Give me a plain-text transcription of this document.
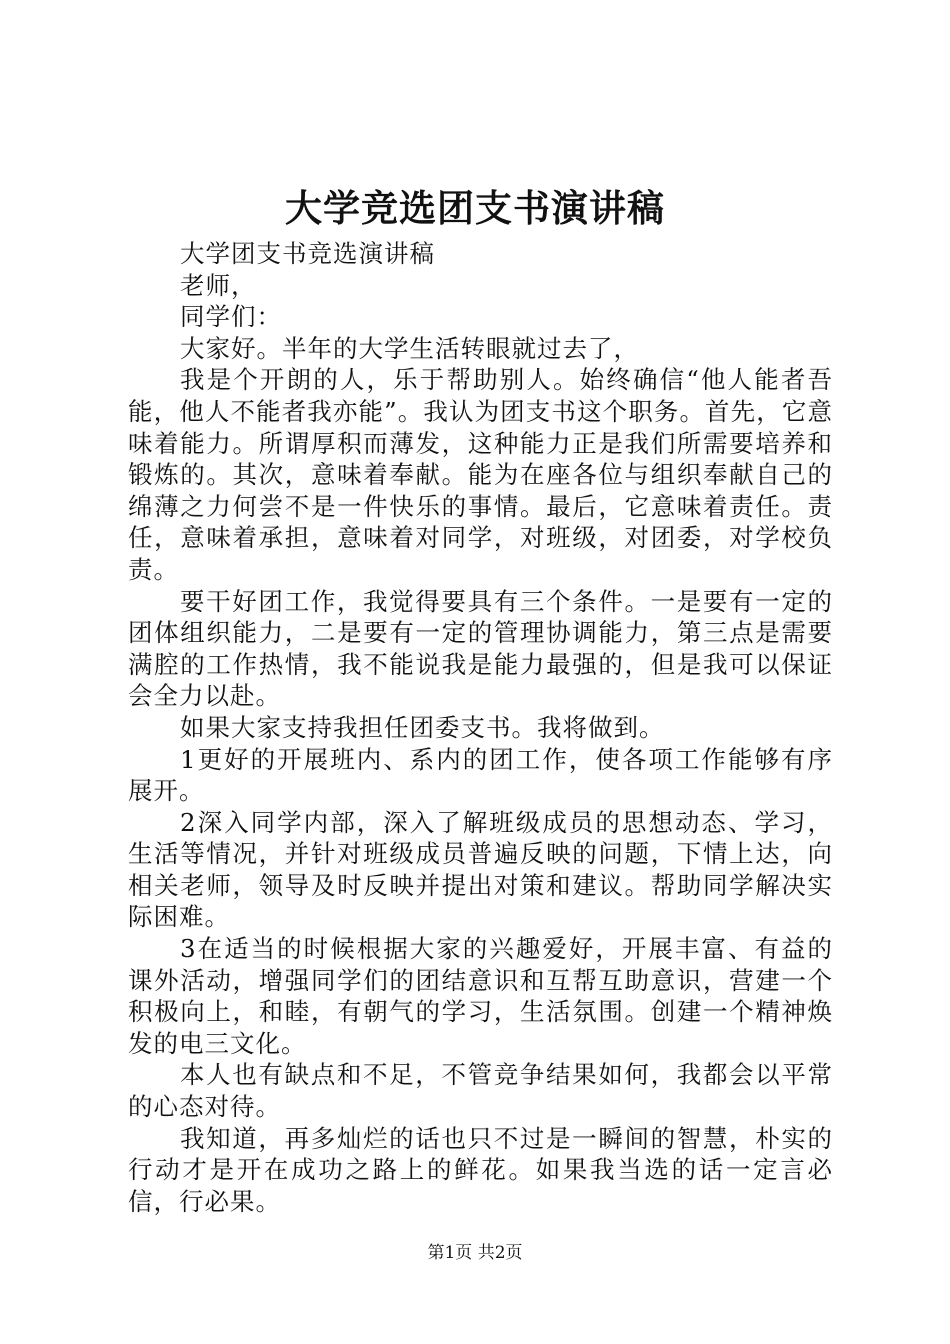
大学竞选团支书演讲稿

大学团支书竞选演讲稿

老师，

同学们：

大家好。半年的大学生活转眼就过去了，

我是个开朗的人，乐于帮助别人。始终确信“他人能者吾能，他人不能者我亦能”。我认为团支书这个职务。首先，它意味着能力。所谓厚积而薄发，这种能力正是我们所需要培养和锻炼的。其次，意味着奉献。能为在座各位与组织奉献自己的绵薄之力何尝不是一件快乐的事情。最后，它意味着责任。责任，意味着承担，意味着对同学，对班级，对团委，对学校负责。

要干好团工作，我觉得要具有三个条件。一是要有一定的团体组织能力，二是要有一定的管理协调能力，第三点是需要满腔的工作热情，我不能说我是能力最强的，但是我可以保证会全力以赴。

如果大家支持我担任团委支书。我将做到。

1更好的开展班内、系内的团工作，使各项工作能够有序展开。

2深入同学内部，深入了解班级成员的思想动态、学习，生活等情况，并针对班级成员普遍反映的问题，下情上达，向相关老师，领导及时反映并提出对策和建议。帮助同学解决实际困难。

3在适当的时候根据大家的兴趣爱好，开展丰富、有益的课外活动，增强同学们的团结意识和互帮互助意识，营建一个积极向上，和睦，有朝气的学习，生活氛围。创建一个精神焕发的电三文化。

本人也有缺点和不足，不管竞争结果如何，我都会以平常的心态对待。

我知道，再多灿烂的话也只不过是一瞬间的智慧，朴实的行动才是开在成功之路上的鲜花。如果我当选的话一定言必信，行必果。

第1页 共2页
